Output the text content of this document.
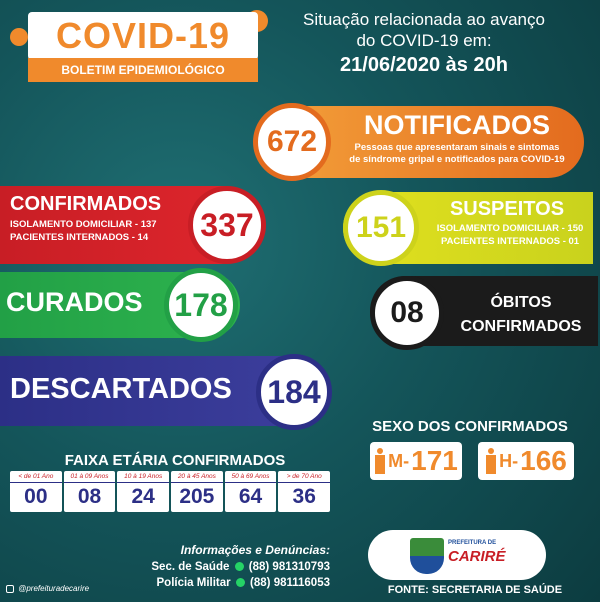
COVID-19
BOLETIM EPIDEMIOLÓGICO
Situação relacionada ao avanço
do COVID-19 em:
21/06/2020 às 20h
672	NOTIFICADOS
Pessoas que apresentaram sinais e sintomas
de síndrome gripal e notificados para COVID-19
CONFIRMADOS
ISOLAMENTO DOMICILIAR - 137
PACIENTES INTERNADOS - 14	337	151
SUSPEITOS
ISOLAMENTO DOMICILIAR - 150
PACIENTES INTERNADOS - 01
CURADOS 178	08	ÓBITOS
CONFIRMADOS
DESCARTADOS	184
SEXO DOS CONFIRMADOS
M- 171 H- 166
FAIXA ETÁRIA CONFIRMADOS
< de 01 Ano
00
01 à 09 Anos
08
10 à 19 Anos
24
20 à 45 Anos
205
50 à 69 Anos
64
> de 70 Ano
36
Informações e Denúncias:
Sec. de Saúde (88) 981310793
Polícia Militar (88) 981116053
@prefeituradecarire
PREFEITURA DE
CARIRÉ
FONTE: SECRETARIA DE SAÚDE
